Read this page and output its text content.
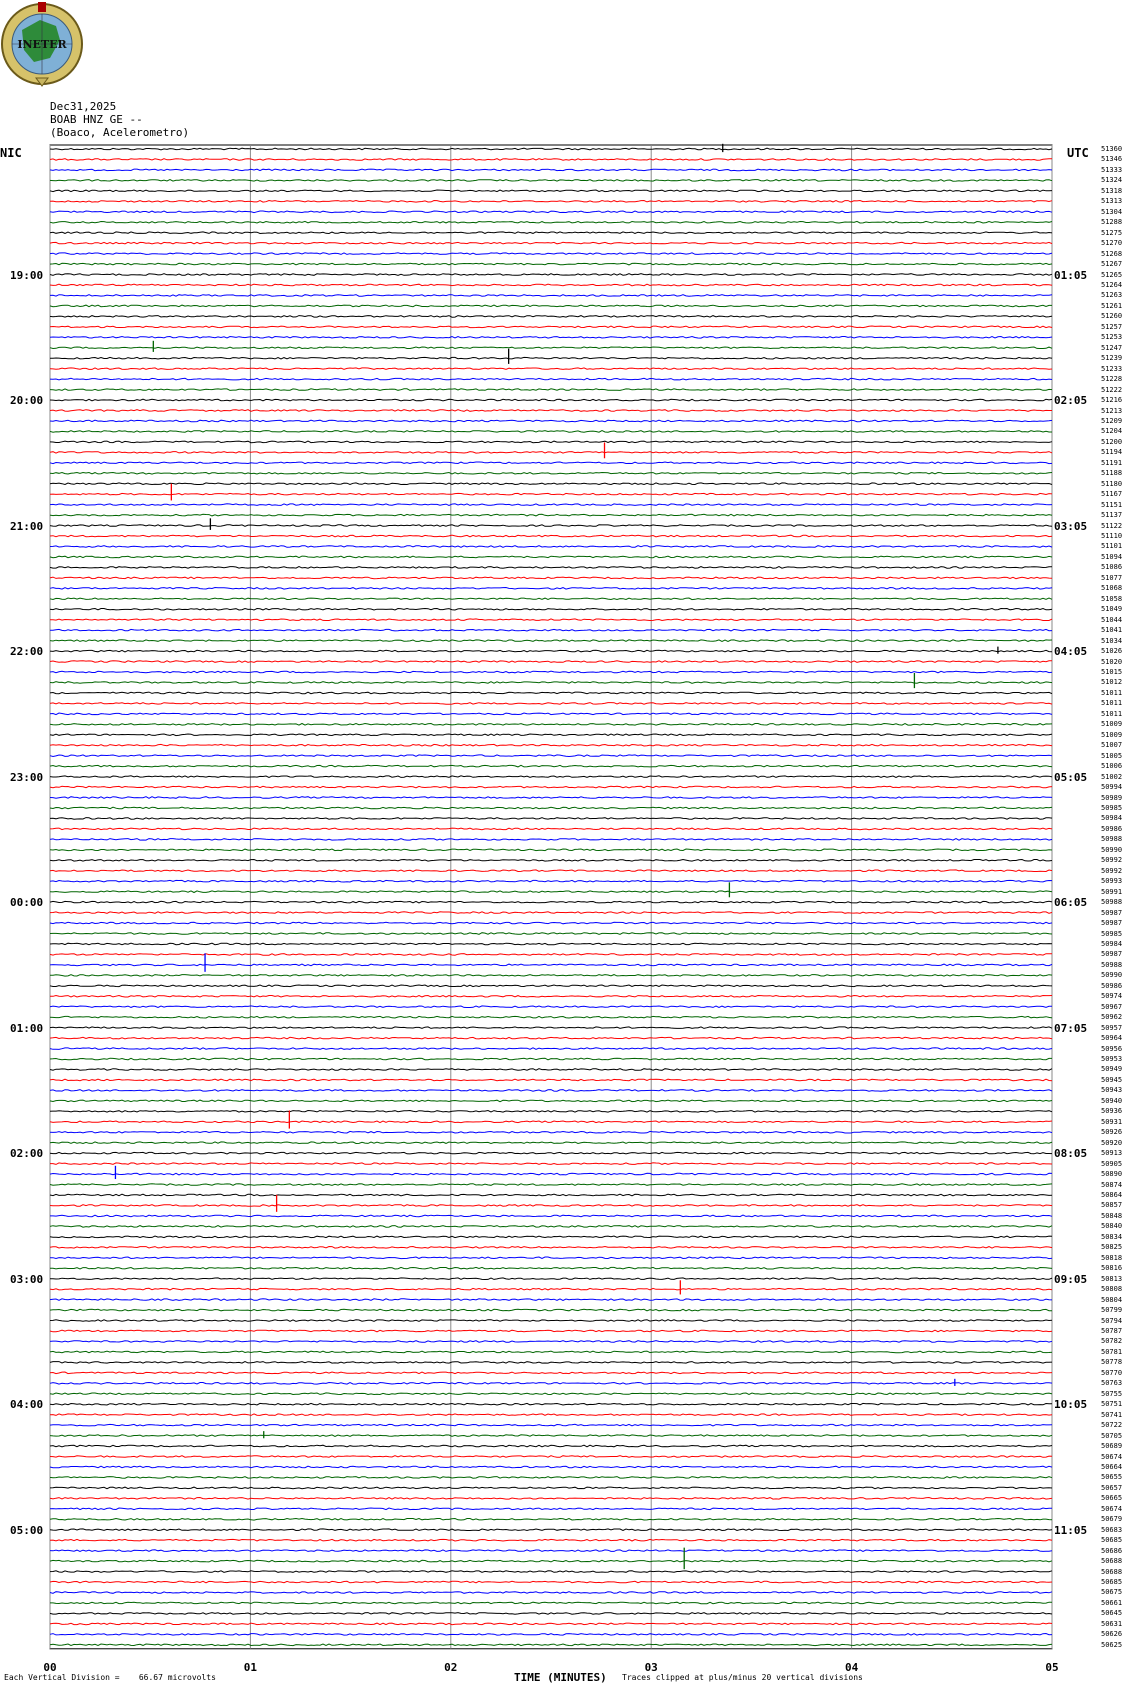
INETER
Dec31,2025
BOAB HNZ GE --
(Boaco, Acelerometro)
NIC	UTC
00	01	02	03	04	05
51360
51346
51333
51324
51318
51313
51304
51288
51275
51270
51268
51267
51265
51264
51263
51261
51260
51257
51253
51247
51239
51233
51228
51222
51216
51213
51209
51204
51200
51194
51191
51188
51180
51167
51151
51137
51122
51110
51101
51094
51086
51077
51068
51058
51049
51044
51041
51034
51026
51020
51015
51012
51011
51011
51011
51009
51009
51007
51005
51006
51002
50994
50989
50985
50984
50986
50988
50990
50992
50992
50993
50991
50988
50987
50987
50985
50984
50987
50988
50990
50986
50974
50967
50962
50957
50964
50956
50953
50949
50945
50943
50940
50936
50931
50926
50920
50913
50905
50890
50874
50864
50857
50848
50840
50834
50825
50818
50816
50813
50808
50804
50799
50794
50787
50782
50781
50778
50770
50763
50755
50751
50741
50722
50705
50689
50674
50664
50655
50657
50665
50674
50679
50683
50685
50686
50688
50688
50685
50675
50661
50645
50631
50626
50625
19:00	01:05
20:00	02:05
21:00	03:05
22:00	04:05
23:00	05:05
00:00	06:05
01:00	07:05
02:00	08:05
03:00	09:05
04:00	10:05
05:00	11:05
TIME (MINUTES)
Each Vertical Division =    66.67 microvolts	Traces clipped at plus/minus 20 vertical divisions
